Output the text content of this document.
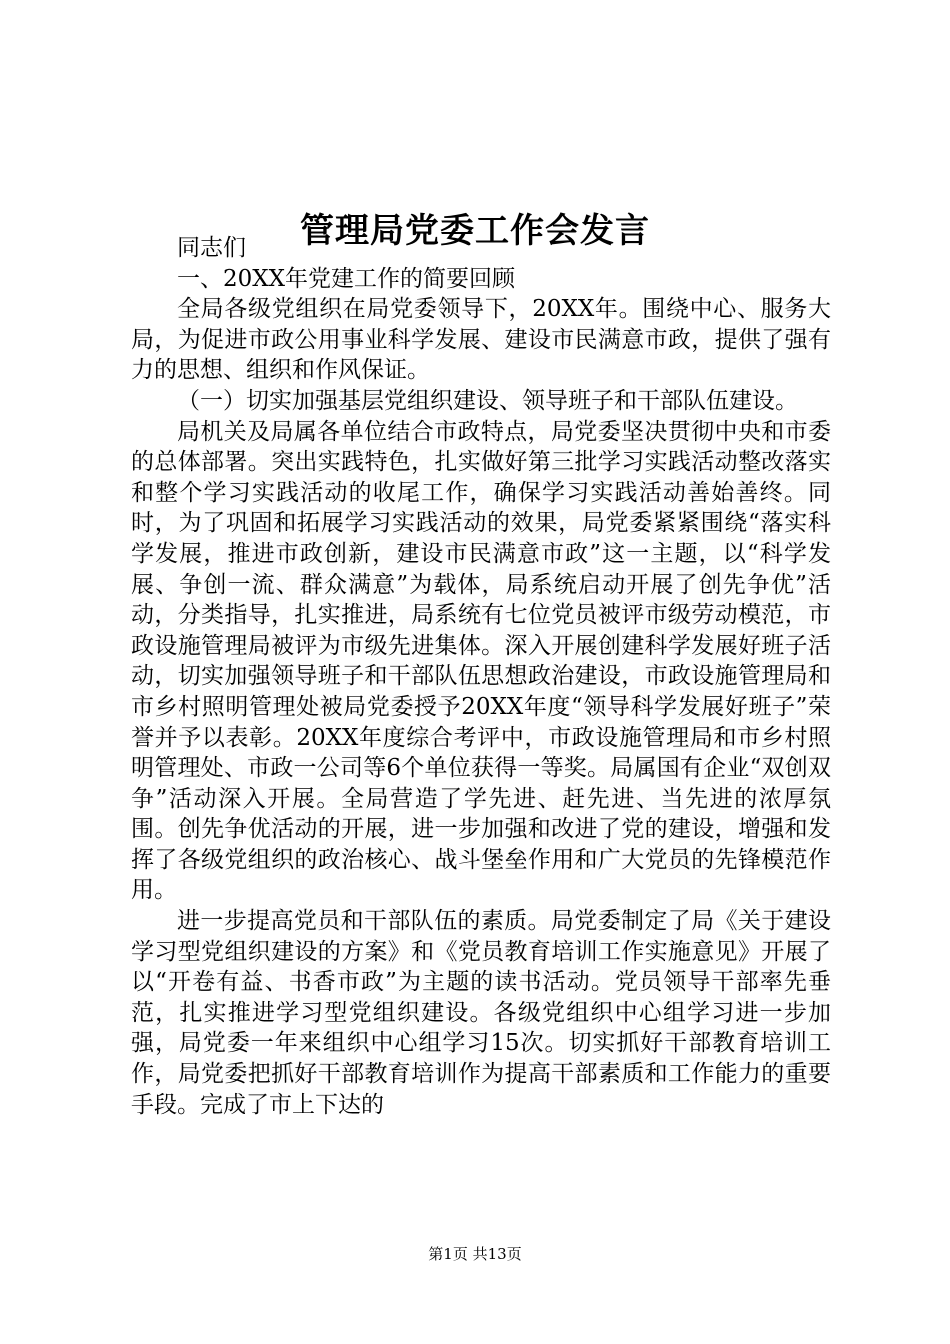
管理局党委工作会发言

同志们

一、20XX年党建工作的简要回顾

全局各级党组织在局党委领导下，20XX年。围绕中心、服务大局，为促进市政公用事业科学发展、建设市民满意市政，提供了强有力的思想、组织和作风保证。

（一）切实加强基层党组织建设、领导班子和干部队伍建设。

局机关及局属各单位结合市政特点，局党委坚决贯彻中央和市委的总体部署。突出实践特色，扎实做好第三批学习实践活动整改落实和整个学习实践活动的收尾工作，确保学习实践活动善始善终。同时，为了巩固和拓展学习实践活动的效果，局党委紧紧围绕“落实科学发展，推进市政创新，建设市民满意市政”这一主题，以“科学发展、争创一流、群众满意”为载体，局系统启动开展了创先争优”活动，分类指导，扎实推进，局系统有七位党员被评市级劳动模范，市政设施管理局被评为市级先进集体。深入开展创建科学发展好班子活动，切实加强领导班子和干部队伍思想政治建设，市政设施管理局和市乡村照明管理处被局党委授予20XX年度“领导科学发展好班子”荣誉并予以表彰。20XX年度综合考评中，市政设施管理局和市乡村照明管理处、市政一公司等6个单位获得一等奖。局属国有企业“双创双争”活动深入开展。全局营造了学先进、赶先进、当先进的浓厚氛围。创先争优活动的开展，进一步加强和改进了党的建设，增强和发挥了各级党组织的政治核心、战斗堡垒作用和广大党员的先锋模范作用。

进一步提高党员和干部队伍的素质。局党委制定了局《关于建设学习型党组织建设的方案》和《党员教育培训工作实施意见》开展了以“开卷有益、书香市政”为主题的读书活动。党员领导干部率先垂范，扎实推进学习型党组织建设。各级党组织中心组学习进一步加强，局党委一年来组织中心组学习15次。切实抓好干部教育培训工作，局党委把抓好干部教育培训作为提高干部素质和工作能力的重要手段。完成了市上下达的

第1页 共13页
